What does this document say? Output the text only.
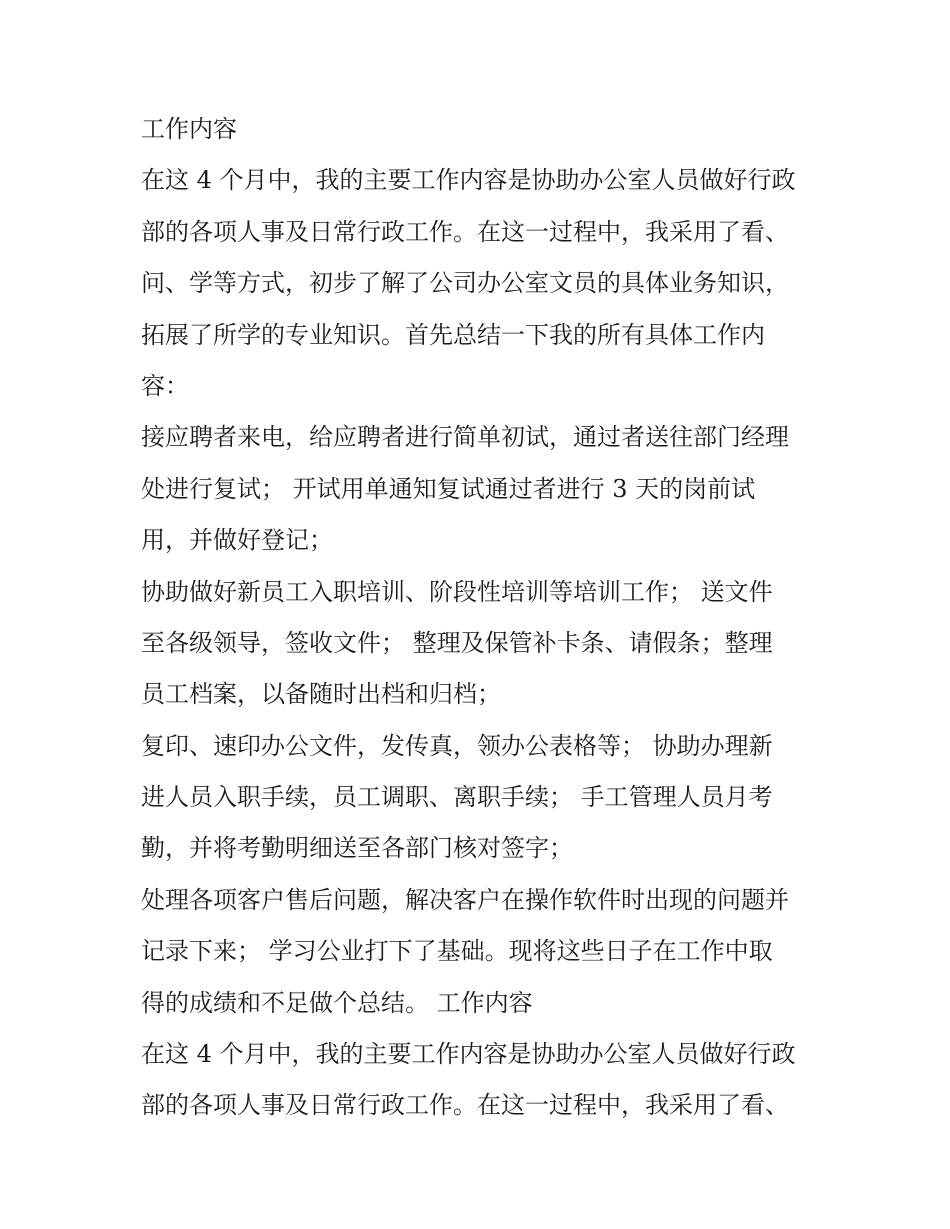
工作内容
在这 4 个月中，我的主要工作内容是协助办公室人员做好行政
部的各项人事及日常行政工作。在这一过程中，我采用了看、
问、学等方式，初步了解了公司办公室文员的具体业务知识，
拓展了所学的专业知识。首先总结一下我的所有具体工作内
容：
接应聘者来电，给应聘者进行简单初试，通过者送往部门经理
处进行复试； 开试用单通知复试通过者进行 3 天的岗前试
用，并做好登记；
协助做好新员工入职培训、阶段性培训等培训工作； 送文件
至各级领导，签收文件； 整理及保管补卡条、请假条；整理
员工档案，以备随时出档和归档；
复印、速印办公文件，发传真，领办公表格等； 协助办理新
进人员入职手续，员工调职、离职手续； 手工管理人员月考
勤，并将考勤明细送至各部门核对签字；
处理各项客户售后问题，解决客户在操作软件时出现的问题并
记录下来； 学习公业打下了基础。现将这些日子在工作中取
得的成绩和不足做个总结。 工作内容
在这 4 个月中，我的主要工作内容是协助办公室人员做好行政
部的各项人事及日常行政工作。在这一过程中，我采用了看、
